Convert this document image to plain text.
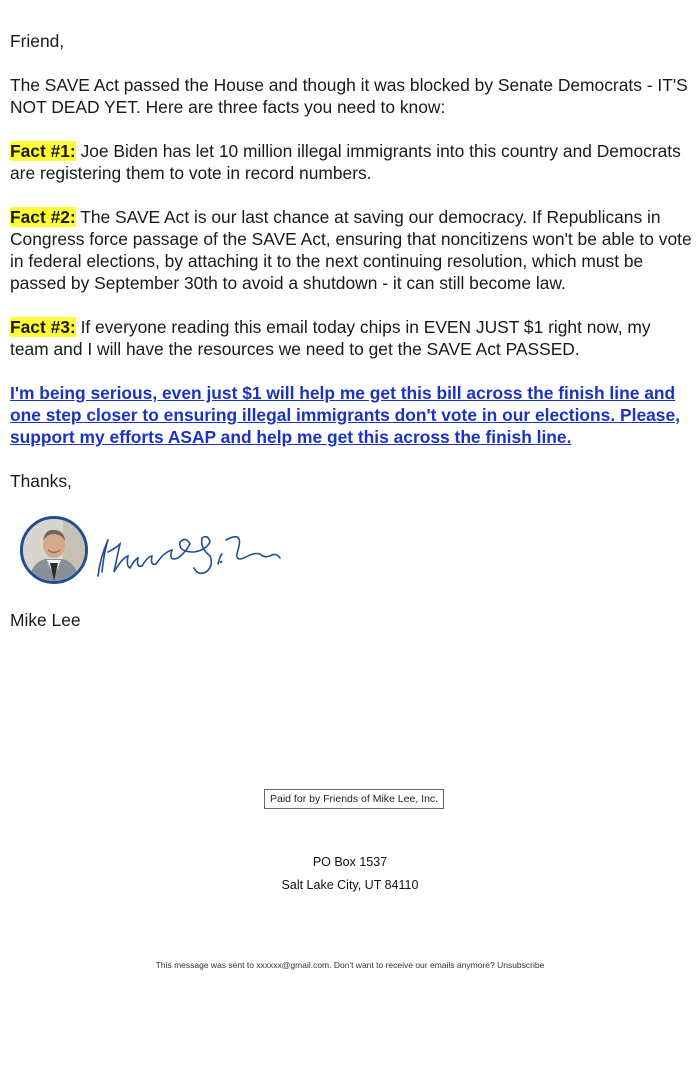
Friend,

The SAVE Act passed the House and though it was blocked by Senate Democrats - IT'S NOT DEAD YET. Here are three facts you need to know:

Fact #1: Joe Biden has let 10 million illegal immigrants into this country and Democrats are registering them to vote in record numbers.

Fact #2: The SAVE Act is our last chance at saving our democracy. If Republicans in Congress force passage of the SAVE Act, ensuring that noncitizens won't be able to vote in federal elections, by attaching it to the next continuing resolution, which must be passed by September 30th to avoid a shutdown - it can still become law.

Fact #3: If everyone reading this email today chips in EVEN JUST $1 right now, my team and I will have the resources we need to get the SAVE Act PASSED.

I'm being serious, even just $1 will help me get this bill across the finish line and one step closer to ensuring illegal immigrants don't vote in our elections. Please, support my efforts ASAP and help me get this across the finish line.

Thanks,

Mike Lee
Paid for by Friends of Mike Lee, Inc.
PO Box 1537
Salt Lake City, UT 84110
This message was sent to xxxxxx@gmail.com. Don't want to receive our emails anymore? Unsubscribe
